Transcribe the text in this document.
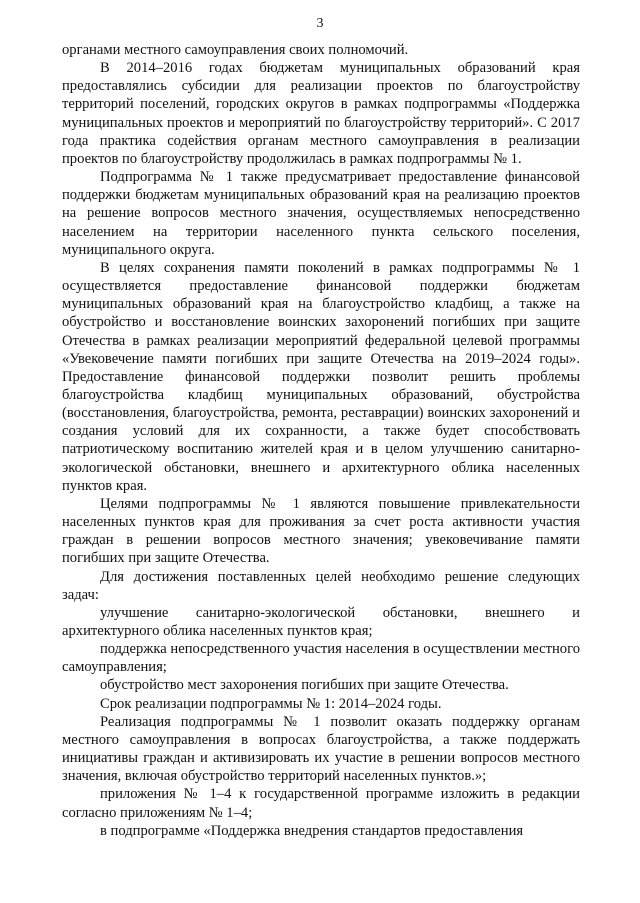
3

органами местного самоуправления своих полномочий.

В 2014–2016 годах бюджетам муниципальных образований края предоставлялись субсидии для реализации проектов по благоустройству территорий поселений, городских округов в рамках подпрограммы «Поддержка муниципальных проектов и мероприятий по благоустройству территорий». С 2017 года практика содействия органам местного самоуправления в реализации проектов по благоустройству продолжилась в рамках подпрограммы № 1.

Подпрограмма № 1 также предусматривает предоставление финансовой поддержки бюджетам муниципальных образований края на реализацию проектов на решение вопросов местного значения, осуществляемых непосредственно населением на территории населенного пункта сельского поселения, муниципального округа.

В целях сохранения памяти поколений в рамках подпрограммы № 1 осуществляется предоставление финансовой поддержки бюджетам муниципальных образований края на благоустройство кладбищ, а также на обустройство и восстановление воинских захоронений погибших при защите Отечества в рамках реализации мероприятий федеральной целевой программы «Увековечение памяти погибших при защите Отечества на 2019–2024 годы». Предоставление финансовой поддержки позволит решить проблемы благоустройства кладбищ муниципальных образований, обустройства (восстановления, благоустройства, ремонта, реставрации) воинских захоронений и создания условий для их сохранности, а также будет способствовать патриотическому воспитанию жителей края и в целом улучшению санитарно-экологической обстановки, внешнего и архитектурного облика населенных пунктов края.

Целями подпрограммы № 1 являются повышение привлекательности населенных пунктов края для проживания за счет роста активности участия граждан в решении вопросов местного значения; увековечивание памяти погибших при защите Отечества.

Для достижения поставленных целей необходимо решение следующих задач:

улучшение санитарно-экологической обстановки, внешнего и архитектурного облика населенных пунктов края;

поддержка непосредственного участия населения в осуществлении местного самоуправления;

обустройство мест захоронения погибших при защите Отечества.

Срок реализации подпрограммы № 1: 2014–2024 годы.

Реализация подпрограммы № 1 позволит оказать поддержку органам местного самоуправления в вопросах благоустройства, а также поддержать инициативы граждан и активизировать их участие в решении вопросов местного значения, включая обустройство территорий населенных пунктов.»;

приложения № 1–4 к государственной программе изложить в редакции согласно приложениям № 1–4;

в подпрограмме «Поддержка внедрения стандартов предоставления
